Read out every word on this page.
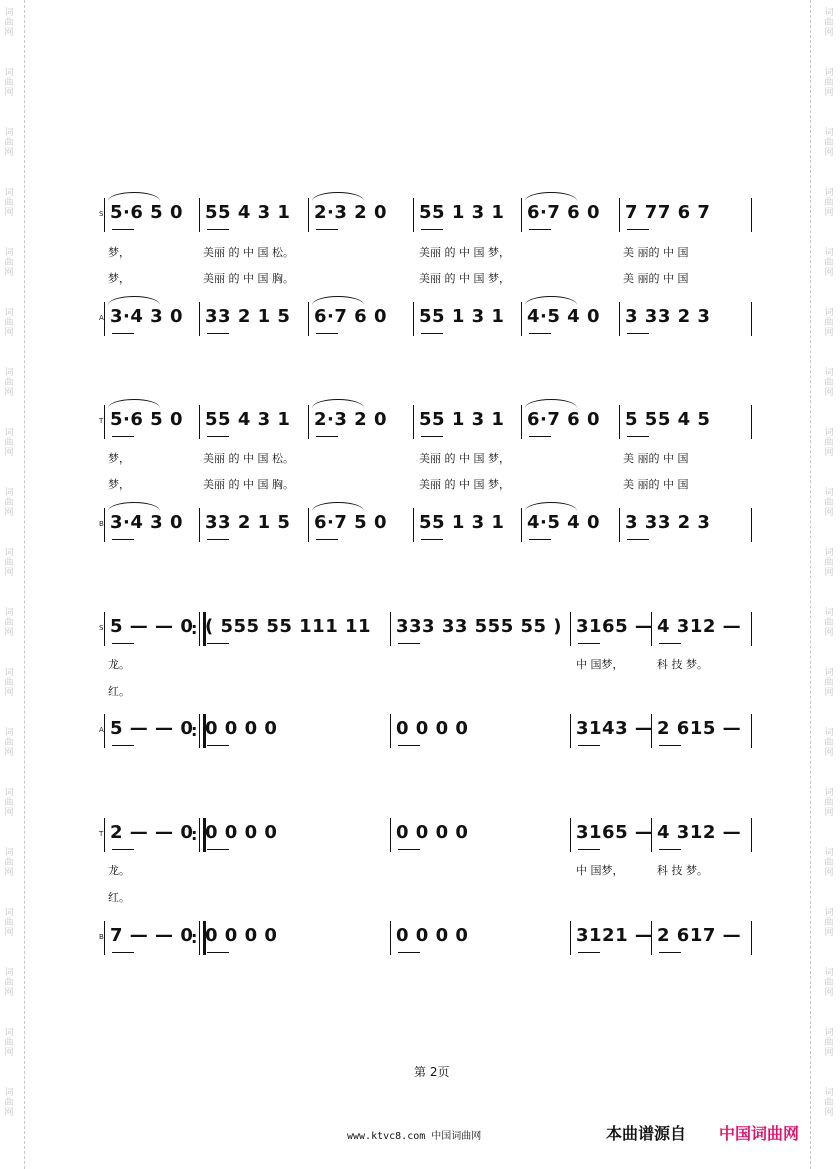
词
曲
网
词
曲
网
词
曲
网
词
曲
网
词
曲
网
词
曲
网
词
曲
网
词
曲
网
词
曲
网
词
曲
网
词
曲
网
词
曲
网
词
曲
网
词
曲
网
词
曲
网
词
曲
网
词
曲
网
词
曲
网
词
曲
网
词
曲
网
词
曲
网
词
曲
网
词
曲
网
词
曲
网
词
曲
网
词
曲
网
词
曲
网
词
曲
网
词
曲
网
词
曲
网
词
曲
网
词
曲
网
词
曲
网
词
曲
网
词
曲
网
词
曲
网
词
曲
网
词
曲
网
S 5·6 5 0	55 4 3 1	2·3 2 0	55 1 3 1	6·7 6 0	7 77 6 7
梦，	美丽 的 中 国 松。	美丽 的 中 国 梦，	美 丽的 中 国
梦，	美丽 的 中 国 胸。	美丽 的 中 国 梦，	美 丽的 中 国
A 3·4 3 0	33 2 1 5	6·7 6 0	55 1 3 1	4·5 4 0	3 33 2 3
T 5·6 5 0	55 4 3 1	2·3 2 0	55 1 3 1	6·7 6 0	5 55 4 5
梦，	美丽 的 中 国 松。	美丽 的 中 国 梦，	美 丽的 中 国
梦，	美丽 的 中 国 胸。	美丽 的 中 国 梦，	美 丽的 中 国
B 3·4 3 0	33 2 1 5	6·7 5 0	55 1 3 1	4·5 4 0	3 33 2 3
S 5 — — 0 : ( 555 55 111 11	333 33 555 55 ) 3165 — 4 312 —
龙。	中 国梦，	科 技 梦。
红。
A 5 — — 0 : 0 0 0 0	0 0 0 0	3143 — 2 615 —
T 2 — — 0 : 0 0 0 0	0 0 0 0	3165 — 4 312 —
龙。	中 国梦，	科 技 梦。
红。
B 7 — — 0 : 0 0 0 0	0 0 0 0	3121 — 2 617 —
第 2页
www.ktvc8.com 中国词曲网	本曲谱源自 中国词曲网
